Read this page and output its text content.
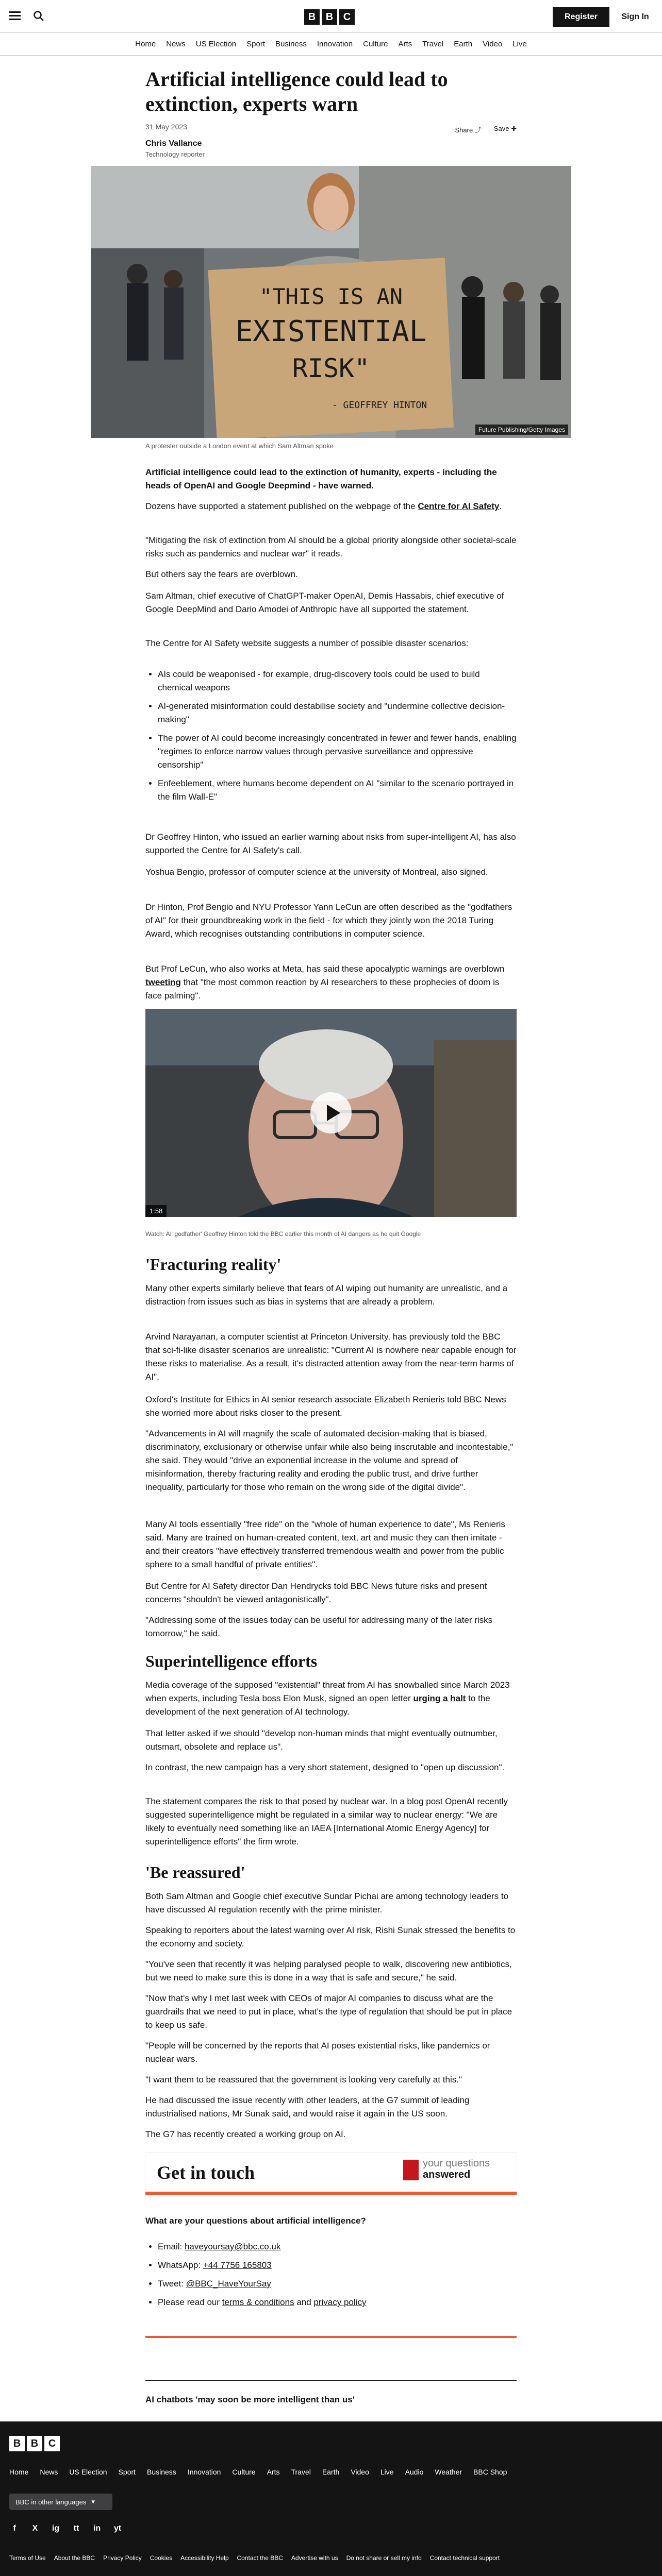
B B C	Register	Sign In
Home	News	US Election	Sport	Business	Innovation	Culture	Arts	Travel	Earth	Video	Live
Artificial intelligence could lead to extinction, experts warn
31 May 2023	Share ⤴ Save ✚
Chris Vallance
Technology reporter
"THIS IS AN
EXISTENTIAL
RISK"
- GEOFFREY HINTON
Future Publishing/Getty Images
A protester outside a London event at which Sam Altman spoke

Artificial intelligence could lead to the extinction of humanity, experts - including the heads of OpenAI and Google Deepmind - have warned.

Dozens have supported a statement published on the webpage of the Centre for AI Safety.

"Mitigating the risk of extinction from AI should be a global priority alongside other societal-scale risks such as pandemics and nuclear war" it reads.

But others say the fears are overblown.

Sam Altman, chief executive of ChatGPT-maker OpenAI, Demis Hassabis, chief executive of Google DeepMind and Dario Amodei of Anthropic have all supported the statement.

The Centre for AI Safety website suggests a number of possible disaster scenarios:

• AIs could be weaponised - for example, drug-discovery tools could be used to build chemical weapons
• AI-generated misinformation could destabilise society and "undermine collective decision-making"
• The power of AI could become increasingly concentrated in fewer and fewer hands, enabling "regimes to enforce narrow values through pervasive surveillance and oppressive censorship"
• Enfeeblement, where humans become dependent on AI "similar to the scenario portrayed in the film Wall-E"

Dr Geoffrey Hinton, who issued an earlier warning about risks from super-intelligent AI, has also supported the Centre for AI Safety's call.

Yoshua Bengio, professor of computer science at the university of Montreal, also signed.

Dr Hinton, Prof Bengio and NYU Professor Yann LeCun are often described as the "godfathers of AI" for their groundbreaking work in the field - for which they jointly won the 2018 Turing Award, which recognises outstanding contributions in computer science.

But Prof LeCun, who also works at Meta, has said these apocalyptic warnings are overblown tweeting that "the most common reaction by AI researchers to these prophecies of doom is face palming".

1:58
Watch: AI 'godfather' Geoffrey Hinton told the BBC earlier this month of AI dangers as he quit Google
'Fracturing reality'

Many other experts similarly believe that fears of AI wiping out humanity are unrealistic, and a distraction from issues such as bias in systems that are already a problem.

Arvind Narayanan, a computer scientist at Princeton University, has previously told the BBC that sci-fi-like disaster scenarios are unrealistic: "Current AI is nowhere near capable enough for these risks to materialise. As a result, it's distracted attention away from the near-term harms of AI".

Oxford's Institute for Ethics in AI senior research associate Elizabeth Renieris told BBC News she worried more about risks closer to the present.

"Advancements in AI will magnify the scale of automated decision-making that is biased, discriminatory, exclusionary or otherwise unfair while also being inscrutable and incontestable," she said. They would "drive an exponential increase in the volume and spread of misinformation, thereby fracturing reality and eroding the public trust, and drive further inequality, particularly for those who remain on the wrong side of the digital divide".

Many AI tools essentially "free ride" on the "whole of human experience to date", Ms Renieris said. Many are trained on human-created content, text, art and music they can then imitate - and their creators "have effectively transferred tremendous wealth and power from the public sphere to a small handful of private entities".

But Centre for AI Safety director Dan Hendrycks told BBC News future risks and present concerns "shouldn't be viewed antagonistically".

"Addressing some of the issues today can be useful for addressing many of the later risks tomorrow," he said.

Superintelligence efforts

Media coverage of the supposed "existential" threat from AI has snowballed since March 2023 when experts, including Tesla boss Elon Musk, signed an open letter urging a halt to the development of the next generation of AI technology.

That letter asked if we should "develop non-human minds that might eventually outnumber, outsmart, obsolete and replace us".

In contrast, the new campaign has a very short statement, designed to "open up discussion".

The statement compares the risk to that posed by nuclear war. In a blog post OpenAI recently suggested superintelligence might be regulated in a similar way to nuclear energy: "We are likely to eventually need something like an IAEA [International Atomic Energy Agency] for superintelligence efforts" the firm wrote.

'Be reassured'

Both Sam Altman and Google chief executive Sundar Pichai are among technology leaders to have discussed AI regulation recently with the prime minister.

Speaking to reporters about the latest warning over AI risk, Rishi Sunak stressed the benefits to the economy and society.

"You've seen that recently it was helping paralysed people to walk, discovering new antibiotics, but we need to make sure this is done in a way that is safe and secure," he said.

"Now that's why I met last week with CEOs of major AI companies to discuss what are the guardrails that we need to put in place, what's the type of regulation that should be put in place to keep us safe.

"People will be concerned by the reports that AI poses existential risks, like pandemics or nuclear wars.

"I want them to be reassured that the government is looking very carefully at this."

He had discussed the issue recently with other leaders, at the G7 summit of leading industrialised nations, Mr Sunak said, and would raise it again in the US soon.

The G7 has recently created a working group on AI.

Get in touch	your questions
answered

What are your questions about artificial intelligence?

• Email: haveyoursay@bbc.co.uk
• WhatsApp: +44 7756 165803
• Tweet: @BBC_HaveYourSay
• Please read our terms & conditions and privacy policy
AI chatbots 'may soon be more intelligent than us'
B B C
Home News US Election Sport Business Innovation Culture Arts Travel Earth Video Live Audio Weather BBC Shop
BBC in other languages ▾
f	X ig tt in yt
Terms of Use About the BBC Privacy Policy Cookies Accessibility Help Contact the BBC Advertise with us Do not share or sell my info Contact technical support
